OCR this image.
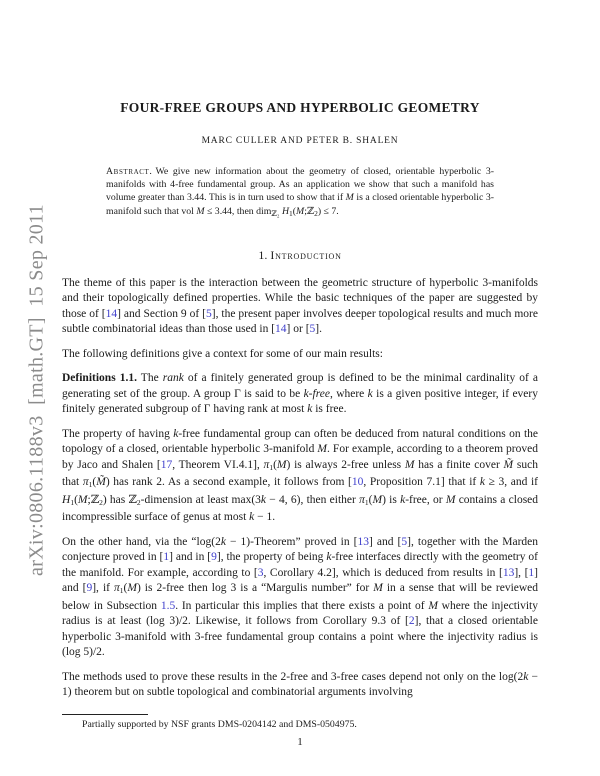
arXiv:0806.1188v3  [math.GT]  15 Sep 2011
FOUR-FREE GROUPS AND HYPERBOLIC GEOMETRY
MARC CULLER AND PETER B. SHALEN
Abstract. We give new information about the geometry of closed, orientable hyperbolic 3-manifolds with 4-free fundamental group. As an application we show that such a manifold has volume greater than 3.44. This is in turn used to show that if M is a closed orientable hyperbolic 3-manifold such that vol M ≤ 3.44, then dim$_{ℤ_2}$ $H_1(M;ℤ_2) \le 7$.
1. Introduction

The theme of this paper is the interaction between the geometric structure of hyperbolic 3-manifolds and their topologically defined properties. While the basic techniques of the paper are suggested by those of [14] and Section 9 of [5], the present paper involves deeper topological results and much more subtle combinatorial ideas than those used in [14] or [5].

The following definitions give a context for some of our main results:

Definitions 1.1. The rank of a finitely generated group is defined to be the minimal cardinality of a generating set of the group. A group Γ is said to be k-free, where k is a given positive integer, if every finitely generated subgroup of Γ having rank at most k is free.

The property of having k-free fundamental group can often be deduced from natural conditions on the topology of a closed, orientable hyperbolic 3-manifold M. For example, according to a theorem proved by Jaco and Shalen [17, Theorem VI.4.1], π1(M) is always 2-free unless M has a finite cover M̃ such that π1(M̃) has rank 2. As a second example, it follows from [10, Proposition 7.1] that if k ≥ 3, and if H1(M;ℤ2) has ℤ2-dimension at least max(3k − 4, 6), then either π1(M) is k-free, or M contains a closed incompressible surface of genus at most k − 1.

On the other hand, via the “log(2k − 1)-Theorem” proved in [13] and [5], together with the Marden conjecture proved in [1] and in [9], the property of being k-free interfaces directly with the geometry of the manifold. For example, according to [3, Corollary 4.2], which is deduced from results in [13], [1] and [9], if π1(M) is 2-free then log 3 is a “Margulis number” for M in a sense that will be reviewed below in Subsection 1.5. In particular this implies that there exists a point of M where the injectivity radius is at least (log 3)/2. Likewise, it follows from Corollary 9.3 of [2], that a closed orientable hyperbolic 3-manifold with 3-free fundamental group contains a point where the injectivity radius is (log 5)/2.

The methods used to prove these results in the 2-free and 3-free cases depend not only on the log(2k − 1) theorem but on subtle topological and combinatorial arguments involving

Partially supported by NSF grants DMS-0204142 and DMS-0504975.
1
